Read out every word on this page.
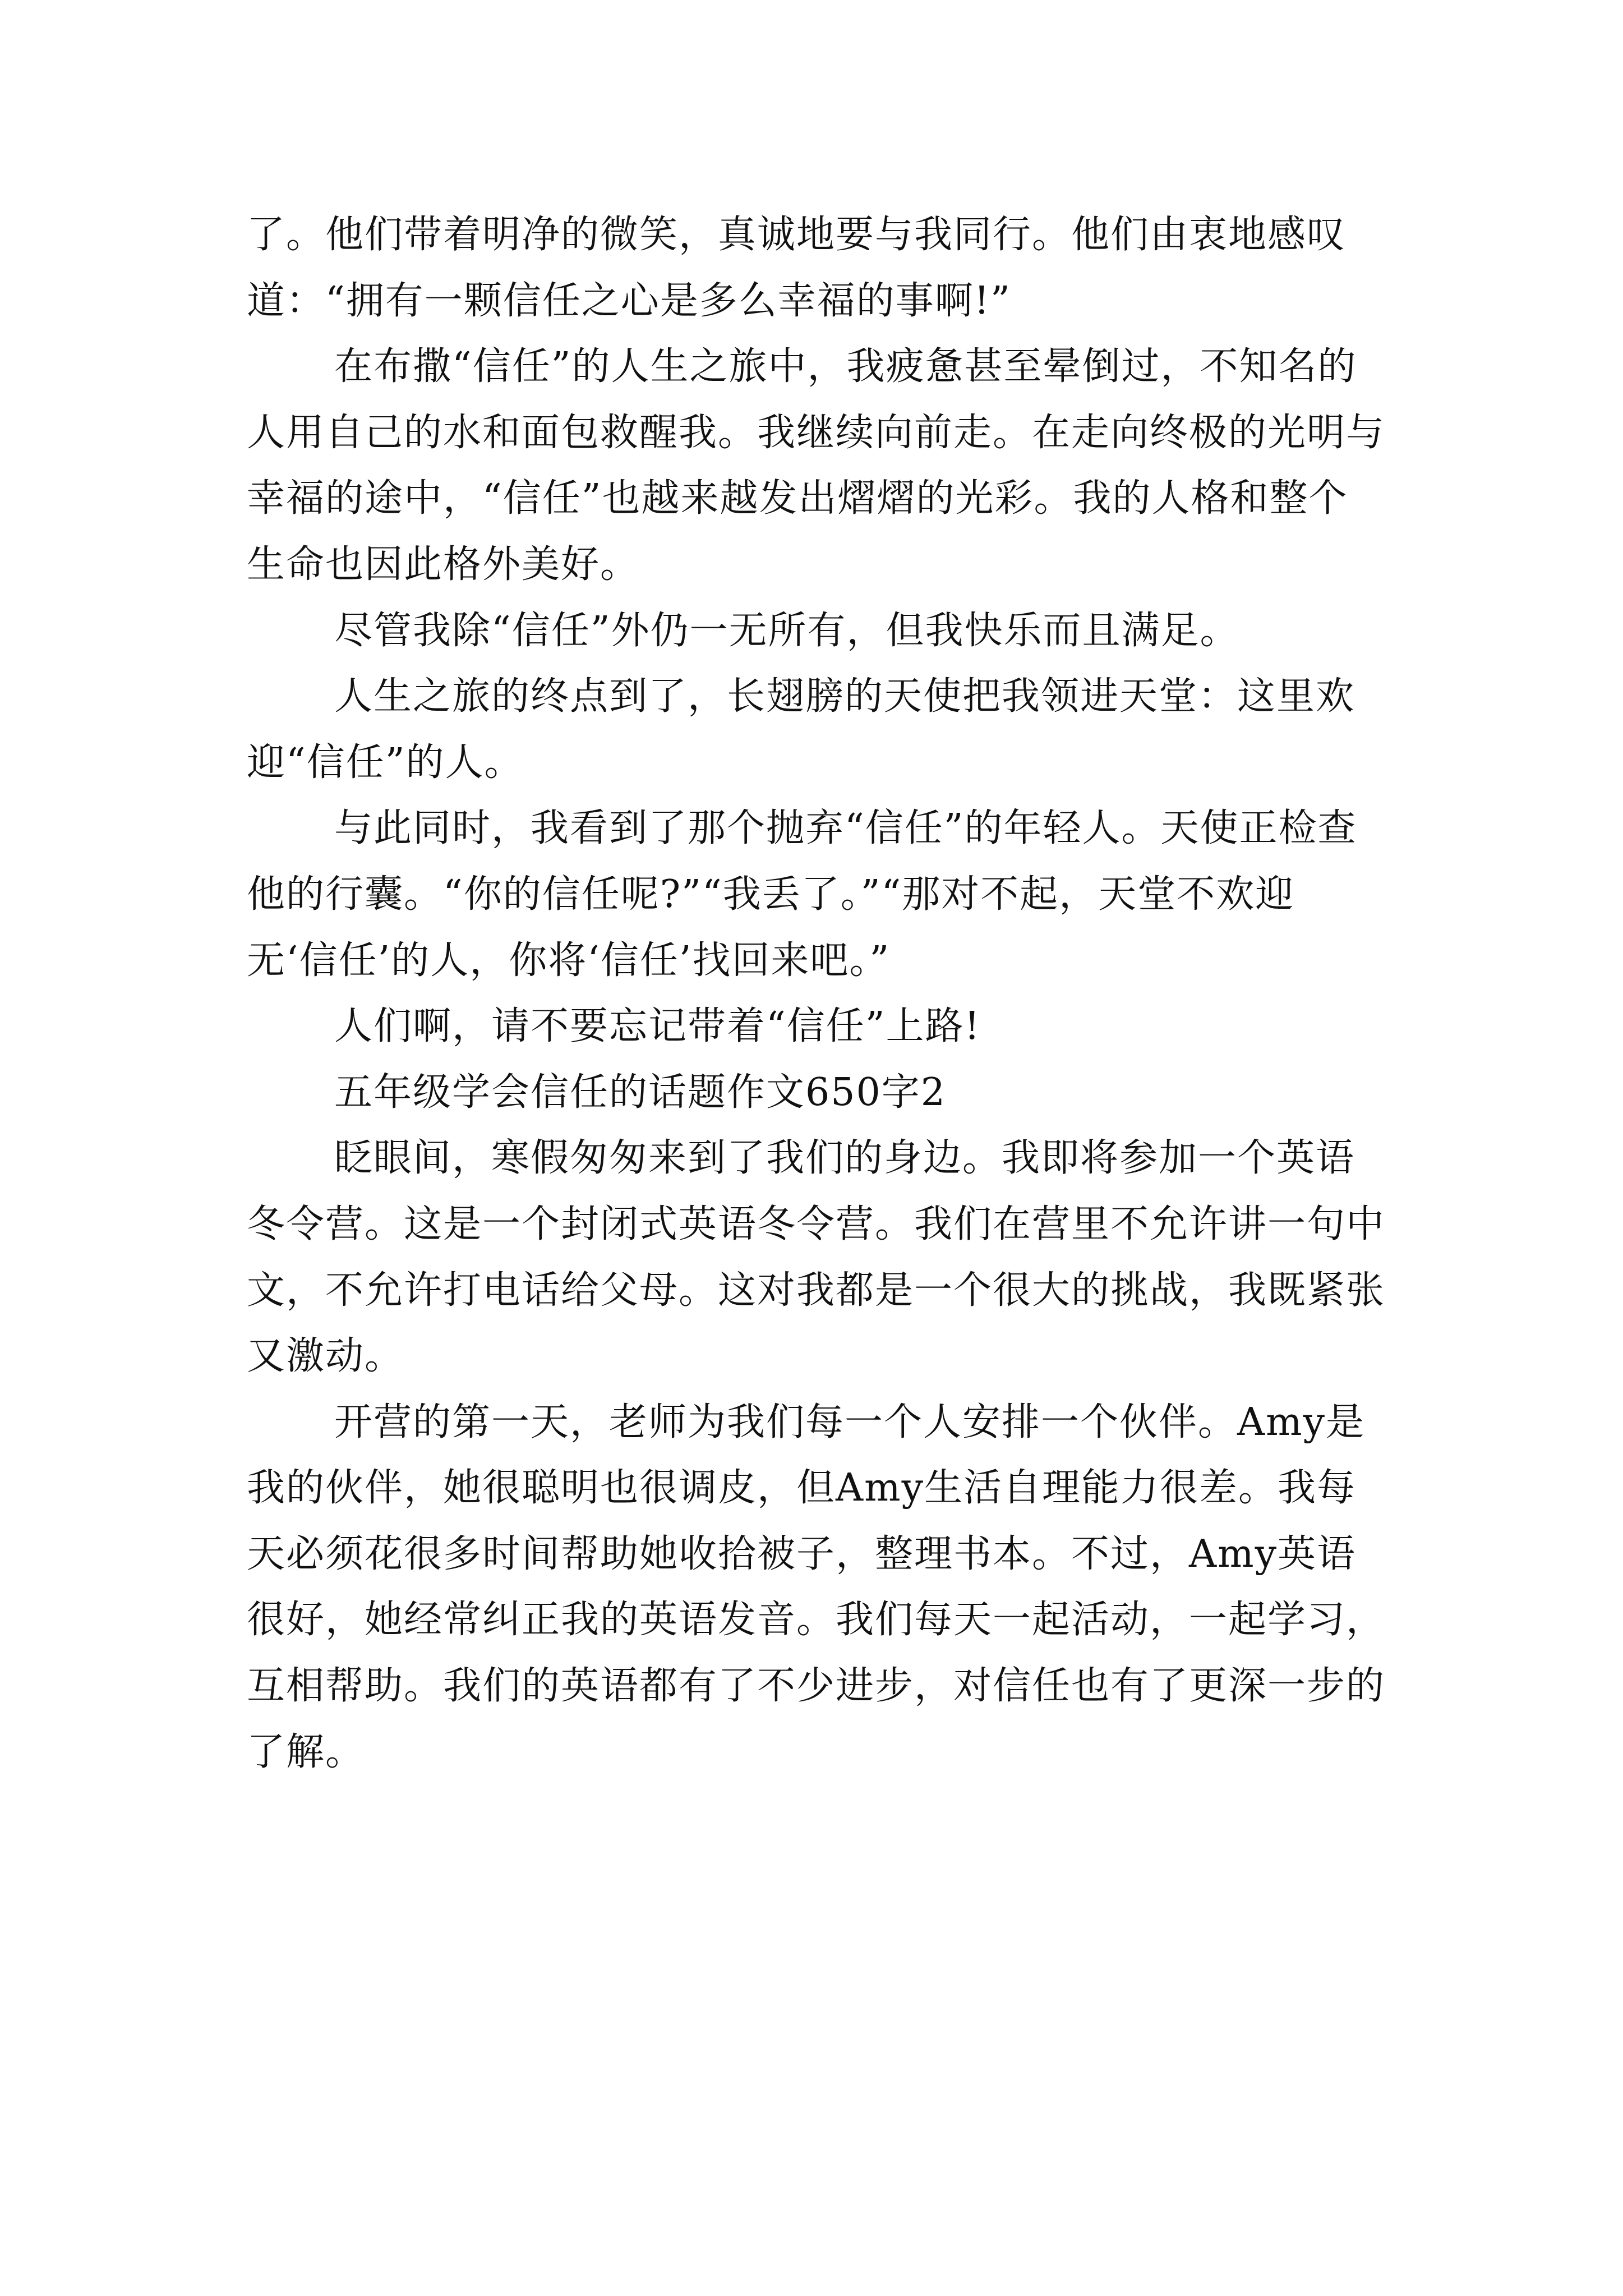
了。他们带着明净的微笑，真诚地要与我同行。他们由衷地感叹道：“拥有一颗信任之心是多么幸福的事啊!”

在布撒“信任”的人生之旅中，我疲惫甚至晕倒过，不知名的人用自己的水和面包救醒我。我继续向前走。在走向终极的光明与幸福的途中，“信任”也越来越发出熠熠的光彩。我的人格和整个生命也因此格外美好。

尽管我除“信任”外仍一无所有，但我快乐而且满足。

人生之旅的终点到了，长翅膀的天使把我领进天堂：这里欢迎“信任”的人。

与此同时，我看到了那个抛弃“信任”的年轻人。天使正检查他的行囊。“你的信任呢?”“我丢了。”“那对不起，天堂不欢迎无‘信任’的人，你将‘信任’找回来吧。”

人们啊，请不要忘记带着“信任”上路!

五年级学会信任的话题作文650字2

眨眼间，寒假匆匆来到了我们的身边。我即将参加一个英语冬令营。这是一个封闭式英语冬令营。我们在营里不允许讲一句中文，不允许打电话给父母。这对我都是一个很大的挑战，我既紧张又激动。

开营的第一天，老师为我们每一个人安排一个伙伴。Amy是我的伙伴，她很聪明也很调皮，但Amy生活自理能力很差。我每天必须花很多时间帮助她收拾被子，整理书本。不过，Amy英语很好，她经常纠正我的英语发音。我们每天一起活动，一起学习，互相帮助。我们的英语都有了不少进步，对信任也有了更深一步的了解。
